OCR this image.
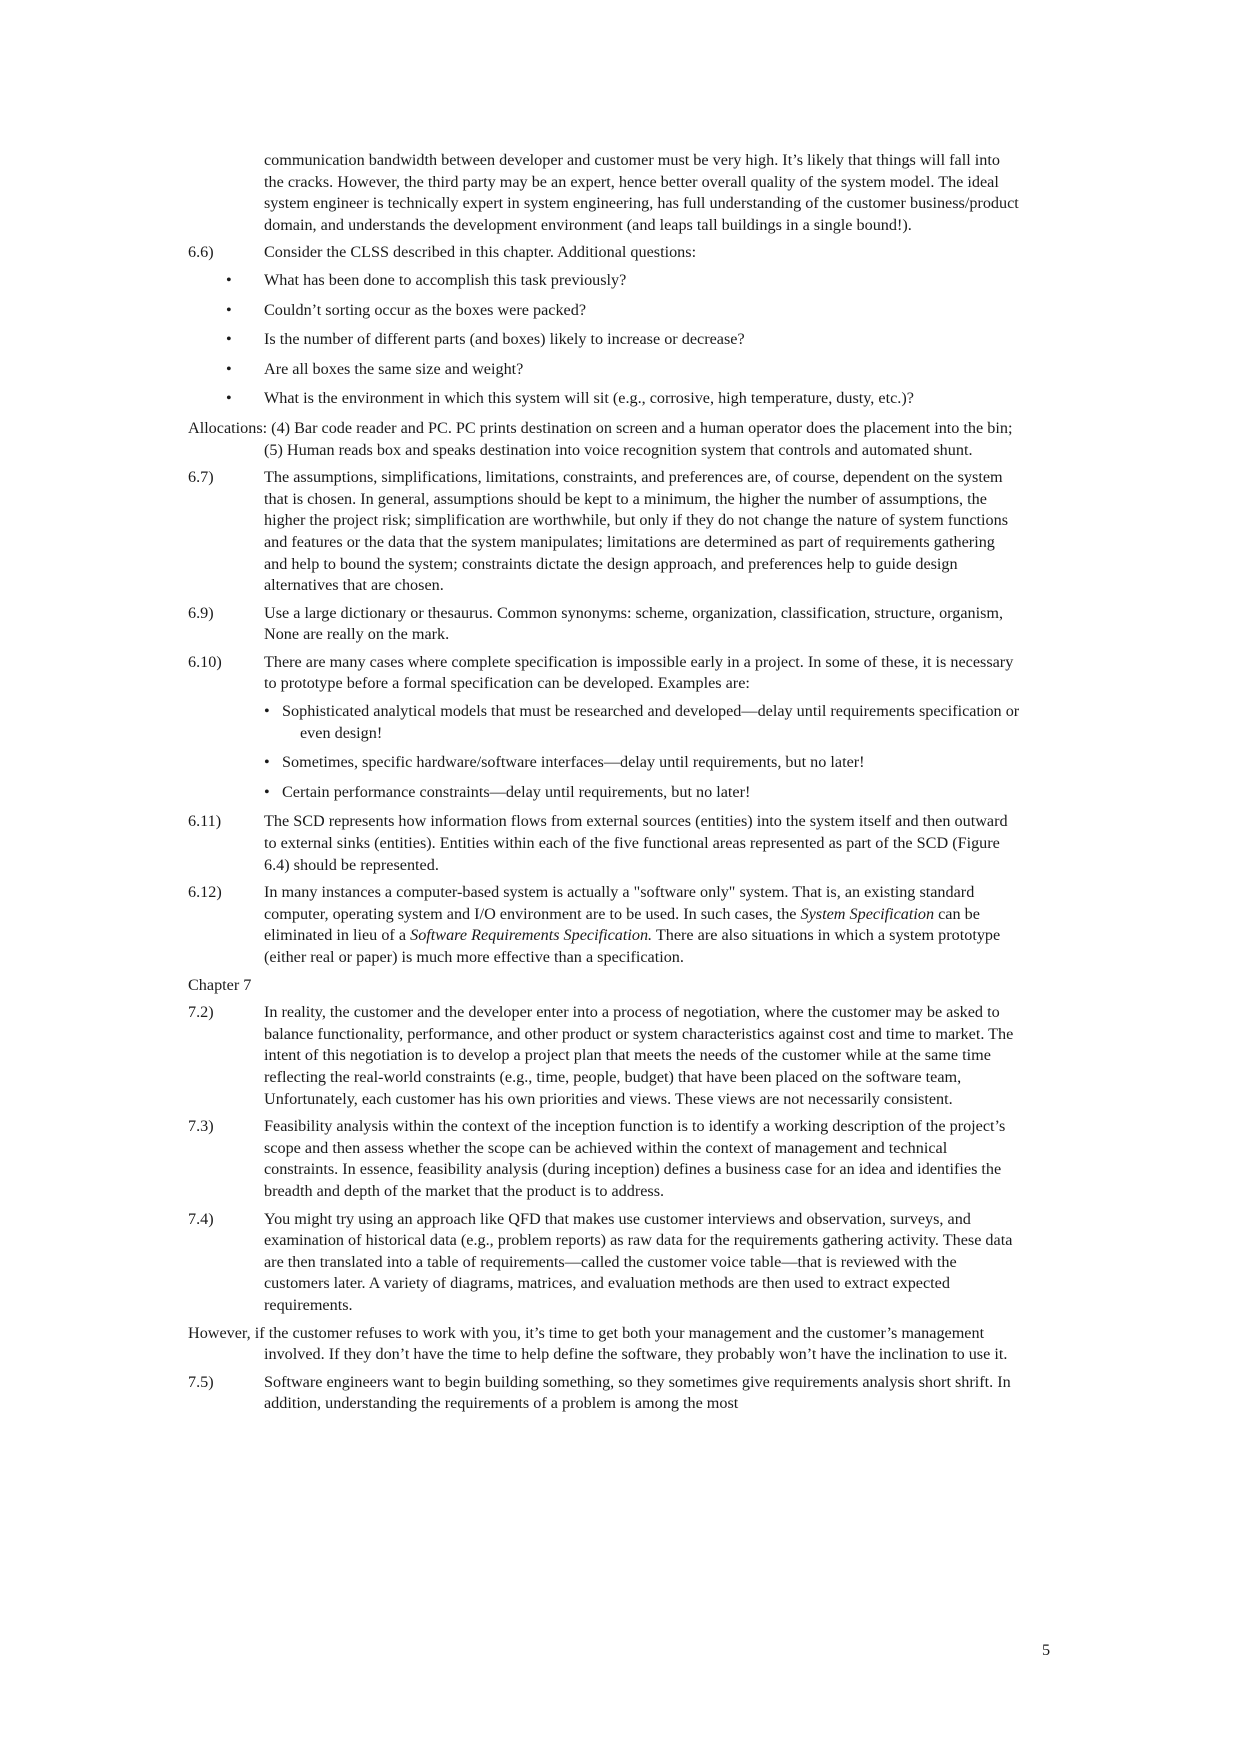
communication bandwidth between developer and customer must be very high. It’s likely that things will fall into the cracks. However, the third party may be an expert, hence better overall quality of the system model. The ideal system engineer is technically expert in system engineering, has full understanding of the customer business/product domain, and understands the development environment (and leaps tall buildings in a single bound!).
6.6)	Consider the CLSS described in this chapter. Additional questions:
• What has been done to accomplish this task previously?
• Couldn’t sorting occur as the boxes were packed?
• Is the number of different parts (and boxes) likely to increase or decrease?
• Are all boxes the same size and weight?
• What is the environment in which this system will sit (e.g., corrosive, high temperature, dusty, etc.)?
Allocations: (4) Bar code reader and PC. PC prints destination on screen and a human operator does the placement into the bin; (5) Human reads box and speaks destination into voice recognition system that controls and automated shunt.
6.7)	The assumptions, simplifications, limitations, constraints, and preferences are, of course, dependent on the system that is chosen. In general, assumptions should be kept to a minimum, the higher the number of assumptions, the higher the project risk; simplification are worthwhile, but only if they do not change the nature of system functions and features or the data that the system manipulates; limitations are determined as part of requirements gathering and help to bound the system; constraints dictate the design approach, and preferences help to guide design alternatives that are chosen.
6.9)	Use a large dictionary or thesaurus. Common synonyms: scheme, organization, classification, structure, organism, None are really on the mark.
6.10)	There are many cases where complete specification is impossible early in a project. In some of these, it is necessary to prototype before a formal specification can be developed. Examples are:
• Sophisticated analytical models that must be researched and developed—delay until requirements specification or even design!
• Sometimes, specific hardware/software interfaces—delay until requirements, but no later!
• Certain performance constraints—delay until requirements, but no later!
6.11)	The SCD represents how information flows from external sources (entities) into the system itself and then outward to external sinks (entities). Entities within each of the five functional areas represented as part of the SCD (Figure 6.4) should be represented.
6.12)	In many instances a computer-based system is actually a "software only" system. That is, an existing standard computer, operating system and I/O environment are to be used. In such cases, the System Specification can be eliminated in lieu of a Software Requirements Specification. There are also situations in which a system prototype (either real or paper) is much more effective than a specification.
Chapter 7
7.2)	In reality, the customer and the developer enter into a process of negotiation, where the customer may be asked to balance functionality, performance, and other product or system characteristics against cost and time to market. The intent of this negotiation is to develop a project plan that meets the needs of the customer while at the same time reflecting the real-world constraints (e.g., time, people, budget) that have been placed on the software team, Unfortunately, each customer has his own priorities and views. These views are not necessarily consistent.
7.3)	Feasibility analysis within the context of the inception function is to identify a working description of the project’s scope and then assess whether the scope can be achieved within the context of management and technical constraints. In essence, feasibility analysis (during inception) defines a business case for an idea and identifies the breadth and depth of the market that the product is to address.
7.4)	You might try using an approach like QFD that makes use customer interviews and observation, surveys, and examination of historical data (e.g., problem reports) as raw data for the requirements gathering activity. These data are then translated into a table of requirements—called the customer voice table—that is reviewed with the customers later. A variety of diagrams, matrices, and evaluation methods are then used to extract expected requirements.
However, if the customer refuses to work with you, it’s time to get both your management and the customer’s management involved. If they don’t have the time to help define the software, they probably won’t have the inclination to use it.
7.5)	Software engineers want to begin building something, so they sometimes give requirements analysis short shrift. In addition, understanding the requirements of a problem is among the most
5
